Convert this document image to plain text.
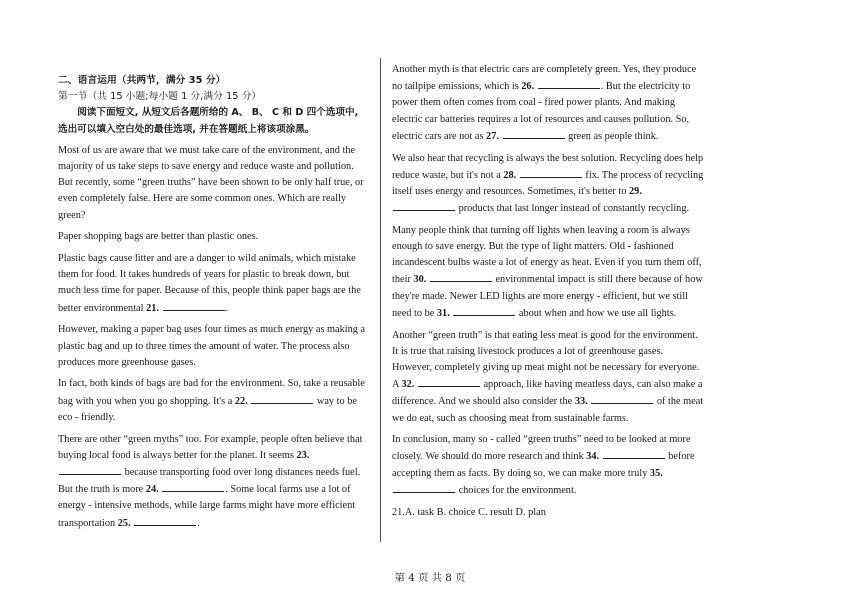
二、语言运用（共两节，满分 35 分）
第一节（共 15 小题;每小题 1 分,满分 15 分）
阅读下面短文, 从短文后各题所给的 A、 B、 C 和 D 四个选项中, 选出可以填入空白处的最佳选项, 并在答题纸上将该项涂黑。

Most of us are aware that we must take care of the environment, and the majority of us take steps to save energy and reduce waste and pollution. But recently, some “green truths” have been shown to be only half true, or even completely false. Here are some common ones. Which are really green?

Paper shopping bags are better than plastic ones.

Plastic bags cause litter and are a danger to wild animals, which mistake them for food. It takes hundreds of years for plastic to break down, but much less time for paper. Because of this, people think paper bags are the better environmental 21.	.

However, making a paper bag uses four times as much energy as making a plastic bag and up to three times the amount of water. The process also produces more greenhouse gases.

In fact, both kinds of bags are bad for the environment. So, take a reusable bag with you when you go shopping. It's a 22.	way to be eco - friendly.

There are other “green myths” too. For example, people often believe that buying local food is always better for the planet. It seems 23.  because transporting food over long distances needs fuel. But the truth is more 24.	. Some local farms use a lot of energy - intensive methods, while large farms might have more efficient transportation 25.	.

Another myth is that electric cars are completely green. Yes, they produce no tailpipe emissions, which is 26.	. But the electricity to power them often comes from coal - fired power plants. And making electric car batteries requires a lot of resources and causes pollution. So, electric cars are not as 27.	green as people think.

We also hear that recycling is always the best solution. Recycling does help reduce waste, but it's not a 28.	fix. The process of recycling itself uses energy and resources. Sometimes, it's better to 29.  products that last longer instead of constantly recycling.

Many people think that turning off lights when leaving a room is always enough to save energy. But the type of light matters. Old - fashioned incandescent bulbs waste a lot of energy as heat. Even if you turn them off, their 30.	environmental impact is still there because of how they're made. Newer LED lights are more energy - efficient, but we still need to be 31.	about when and how we use all lights.

Another “green truth” is that eating less meat is good for the environment. It is true that raising livestock produces a lot of greenhouse gases. However, completely giving up meat might not be necessary for everyone. A 32.	approach, like having meatless days, can also make a difference. And we should also consider the 33.	of the meat we do eat, such as choosing meat from sustainable farms.

In conclusion, many so - called “green truths” need to be looked at more closely. We should do more research and think 34.	before accepting them as facts. By doing so, we can make more truly 35.  choices for the environment.

21.A. task B. choice C. result D. plan

第 4 页 共 8 页
